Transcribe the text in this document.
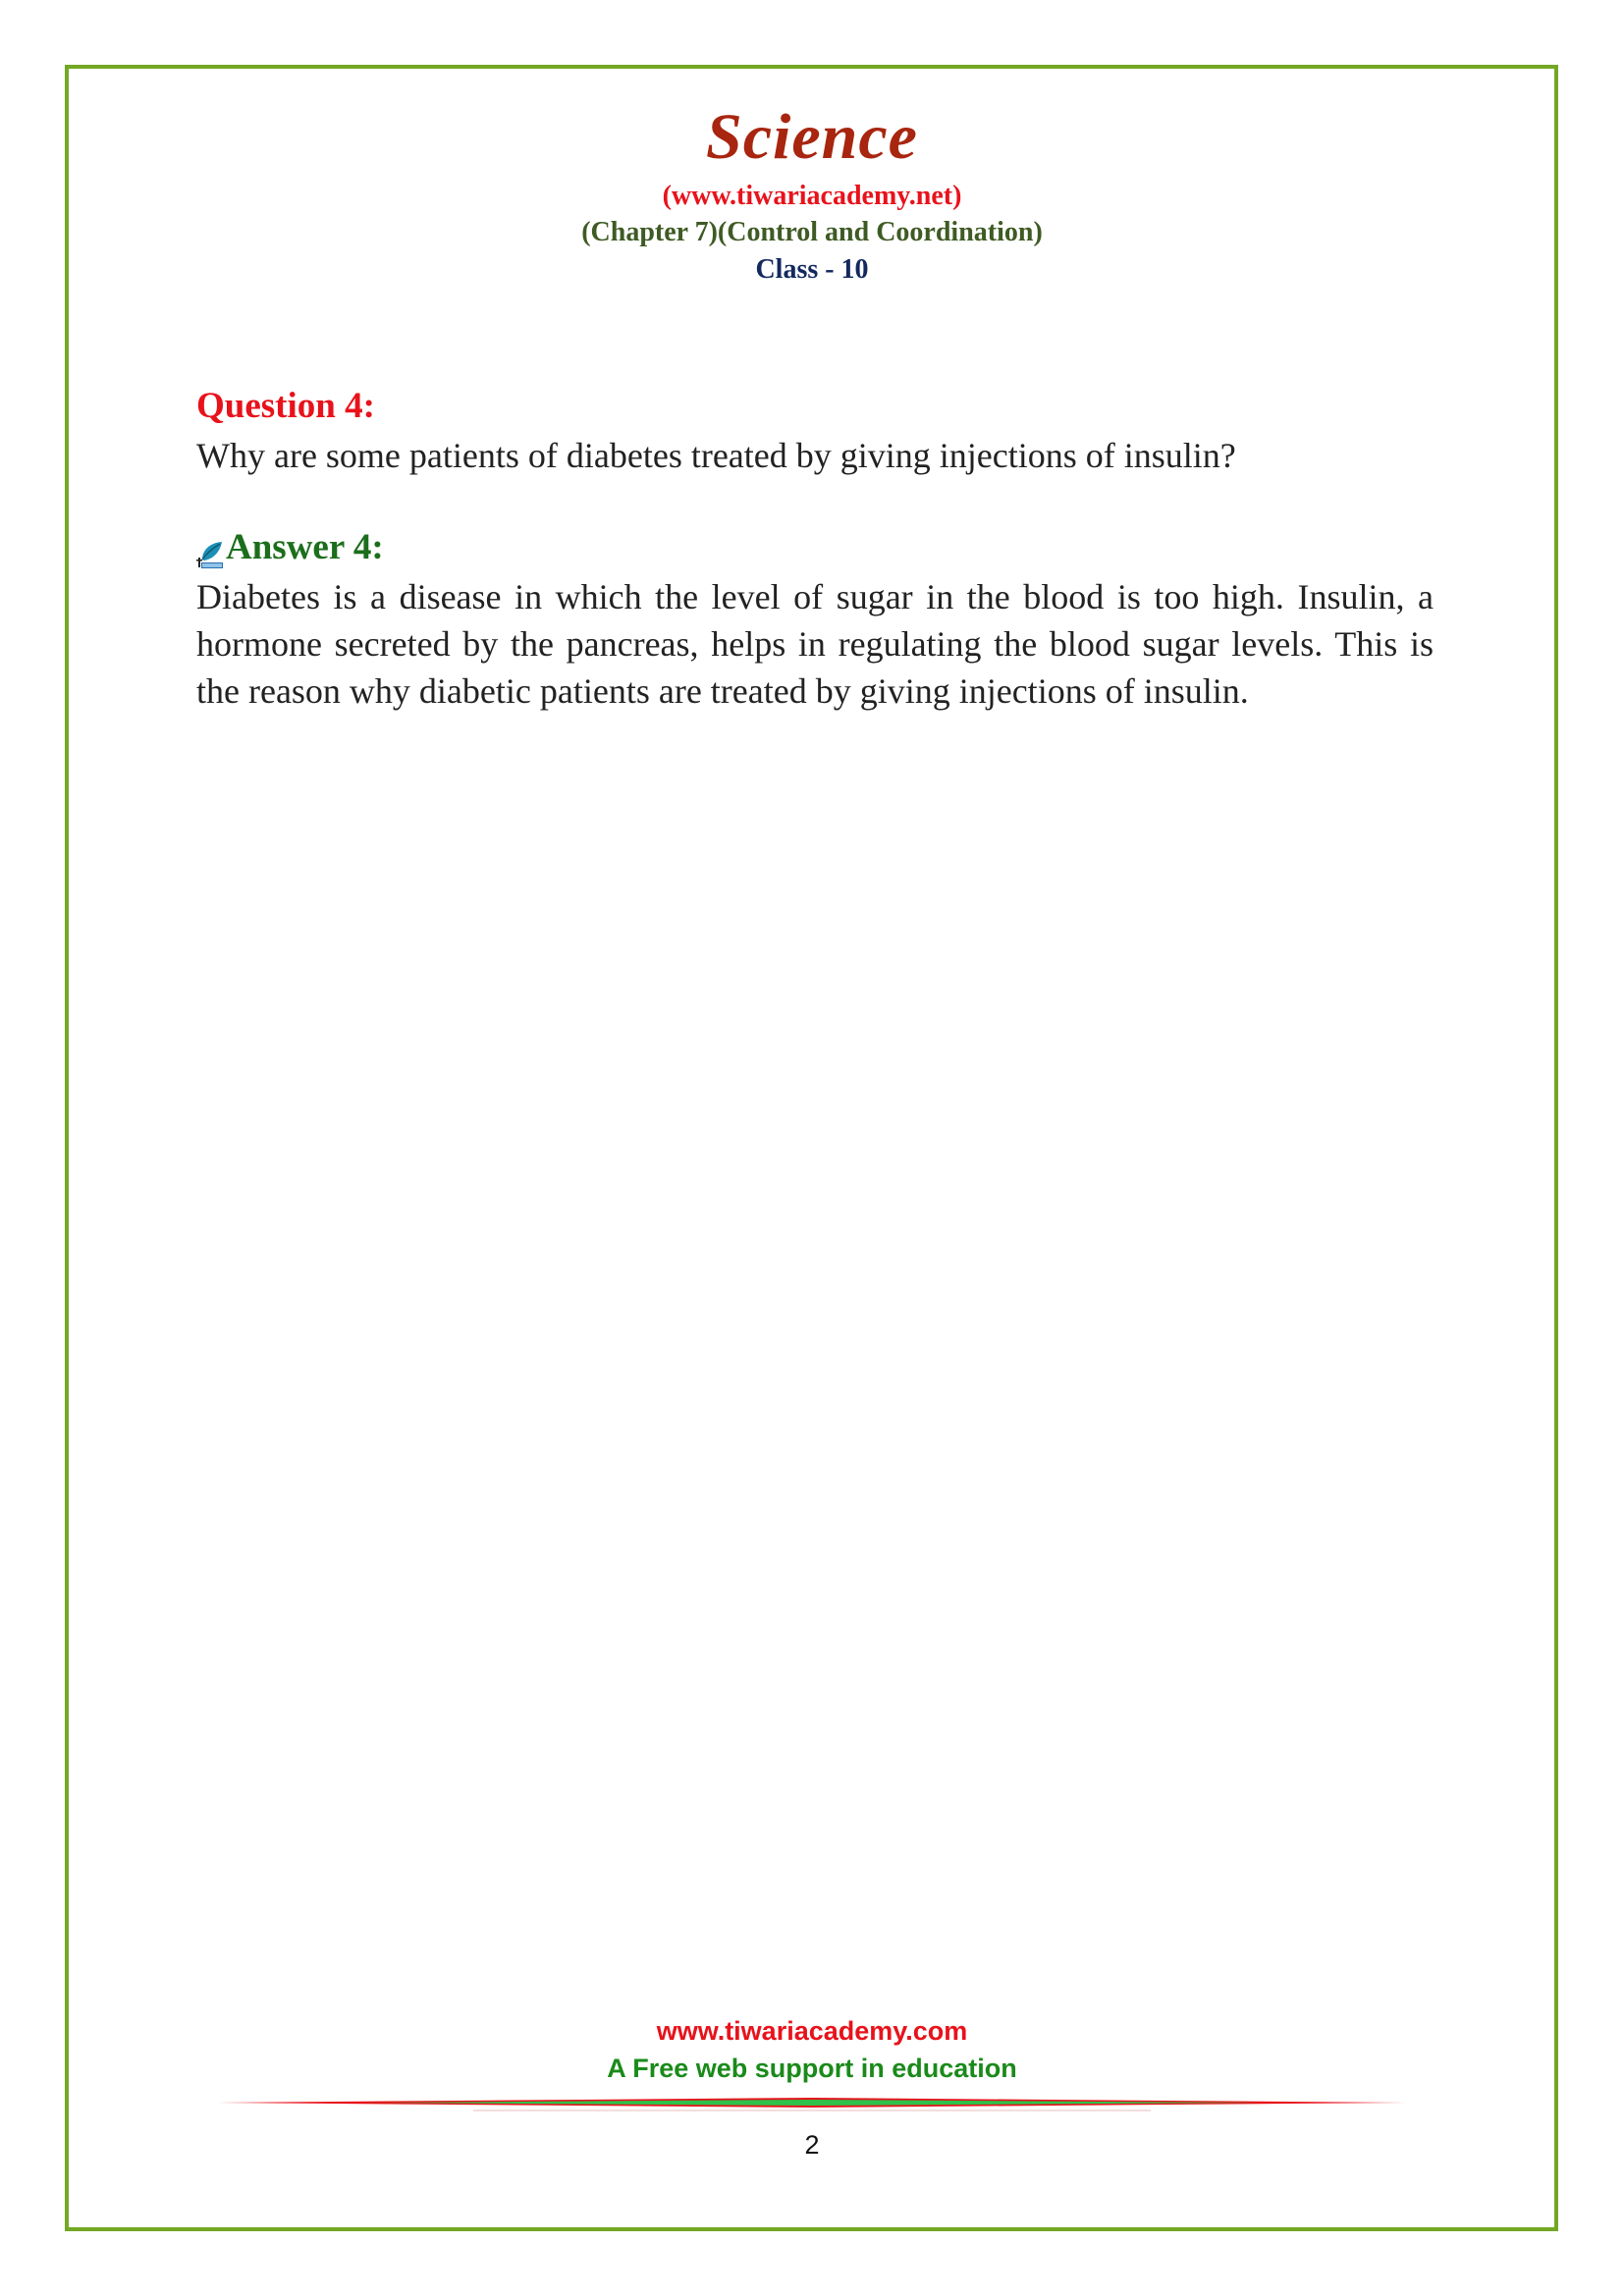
Science
(www.tiwariacademy.net)
(Chapter 7)(Control and Coordination)
Class - 10
Question 4:
Why are some patients of diabetes treated by giving injections of insulin?
Answer 4:
Diabetes is a disease in which the level of sugar in the blood is too high. Insulin, a hormone secreted by the pancreas, helps in regulating the blood sugar levels. This is the reason why diabetic patients are treated by giving injections of insulin.
www.tiwariacademy.com
A Free web support in education
2
